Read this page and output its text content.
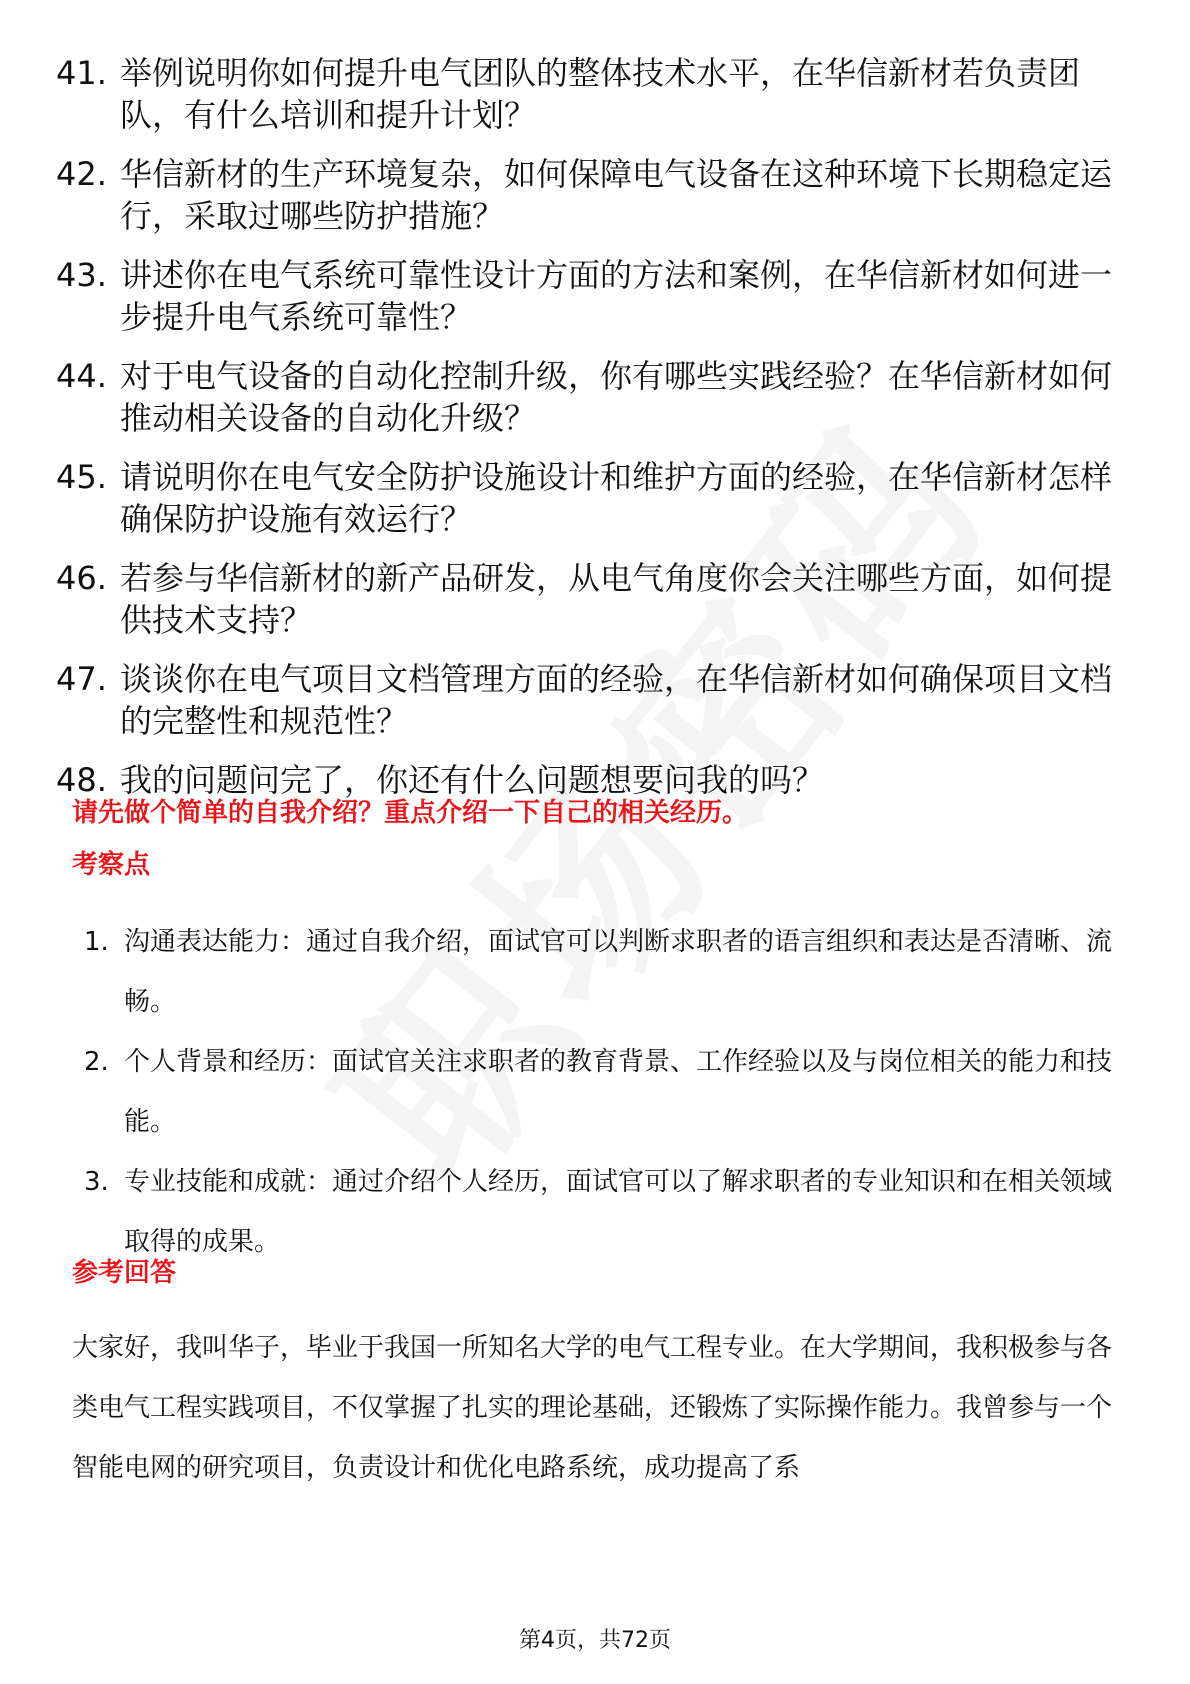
41. 举例说明你如何提升电气团队的整体技术水平，在华信新材若负责团队，有什么培训和提升计划？
42. 华信新材的生产环境复杂，如何保障电气设备在这种环境下长期稳定运行，采取过哪些防护措施？
43. 讲述你在电气系统可靠性设计方面的方法和案例，在华信新材如何进一步提升电气系统可靠性？
44. 对于电气设备的自动化控制升级，你有哪些实践经验？在华信新材如何推动相关设备的自动化升级？
45. 请说明你在电气安全防护设施设计和维护方面的经验，在华信新材怎样确保防护设施有效运行？
46. 若参与华信新材的新产品研发，从电气角度你会关注哪些方面，如何提供技术支持？
47. 谈谈你在电气项目文档管理方面的经验，在华信新材如何确保项目文档的完整性和规范性？
48. 我的问题问完了，你还有什么问题想要问我的吗？
请先做个简单的自我介绍？重点介绍一下自己的相关经历。
考察点
1. 沟通表达能力：通过自我介绍，面试官可以判断求职者的语言组织和表达是否清晰、流畅。
2. 个人背景和经历：面试官关注求职者的教育背景、工作经验以及与岗位相关的能力和技能。
3. 专业技能和成就：通过介绍个人经历，面试官可以了解求职者的专业知识和在相关领域取得的成果。
参考回答

大家好，我叫华子，毕业于我国一所知名大学的电气工程专业。在大学期间，我积极参与各类电气工程实践项目，不仅掌握了扎实的理论基础，还锻炼了实际操作能力。我曾参与一个智能电网的研究项目，负责设计和优化电路系统，成功提高了系

第4页，共72页
